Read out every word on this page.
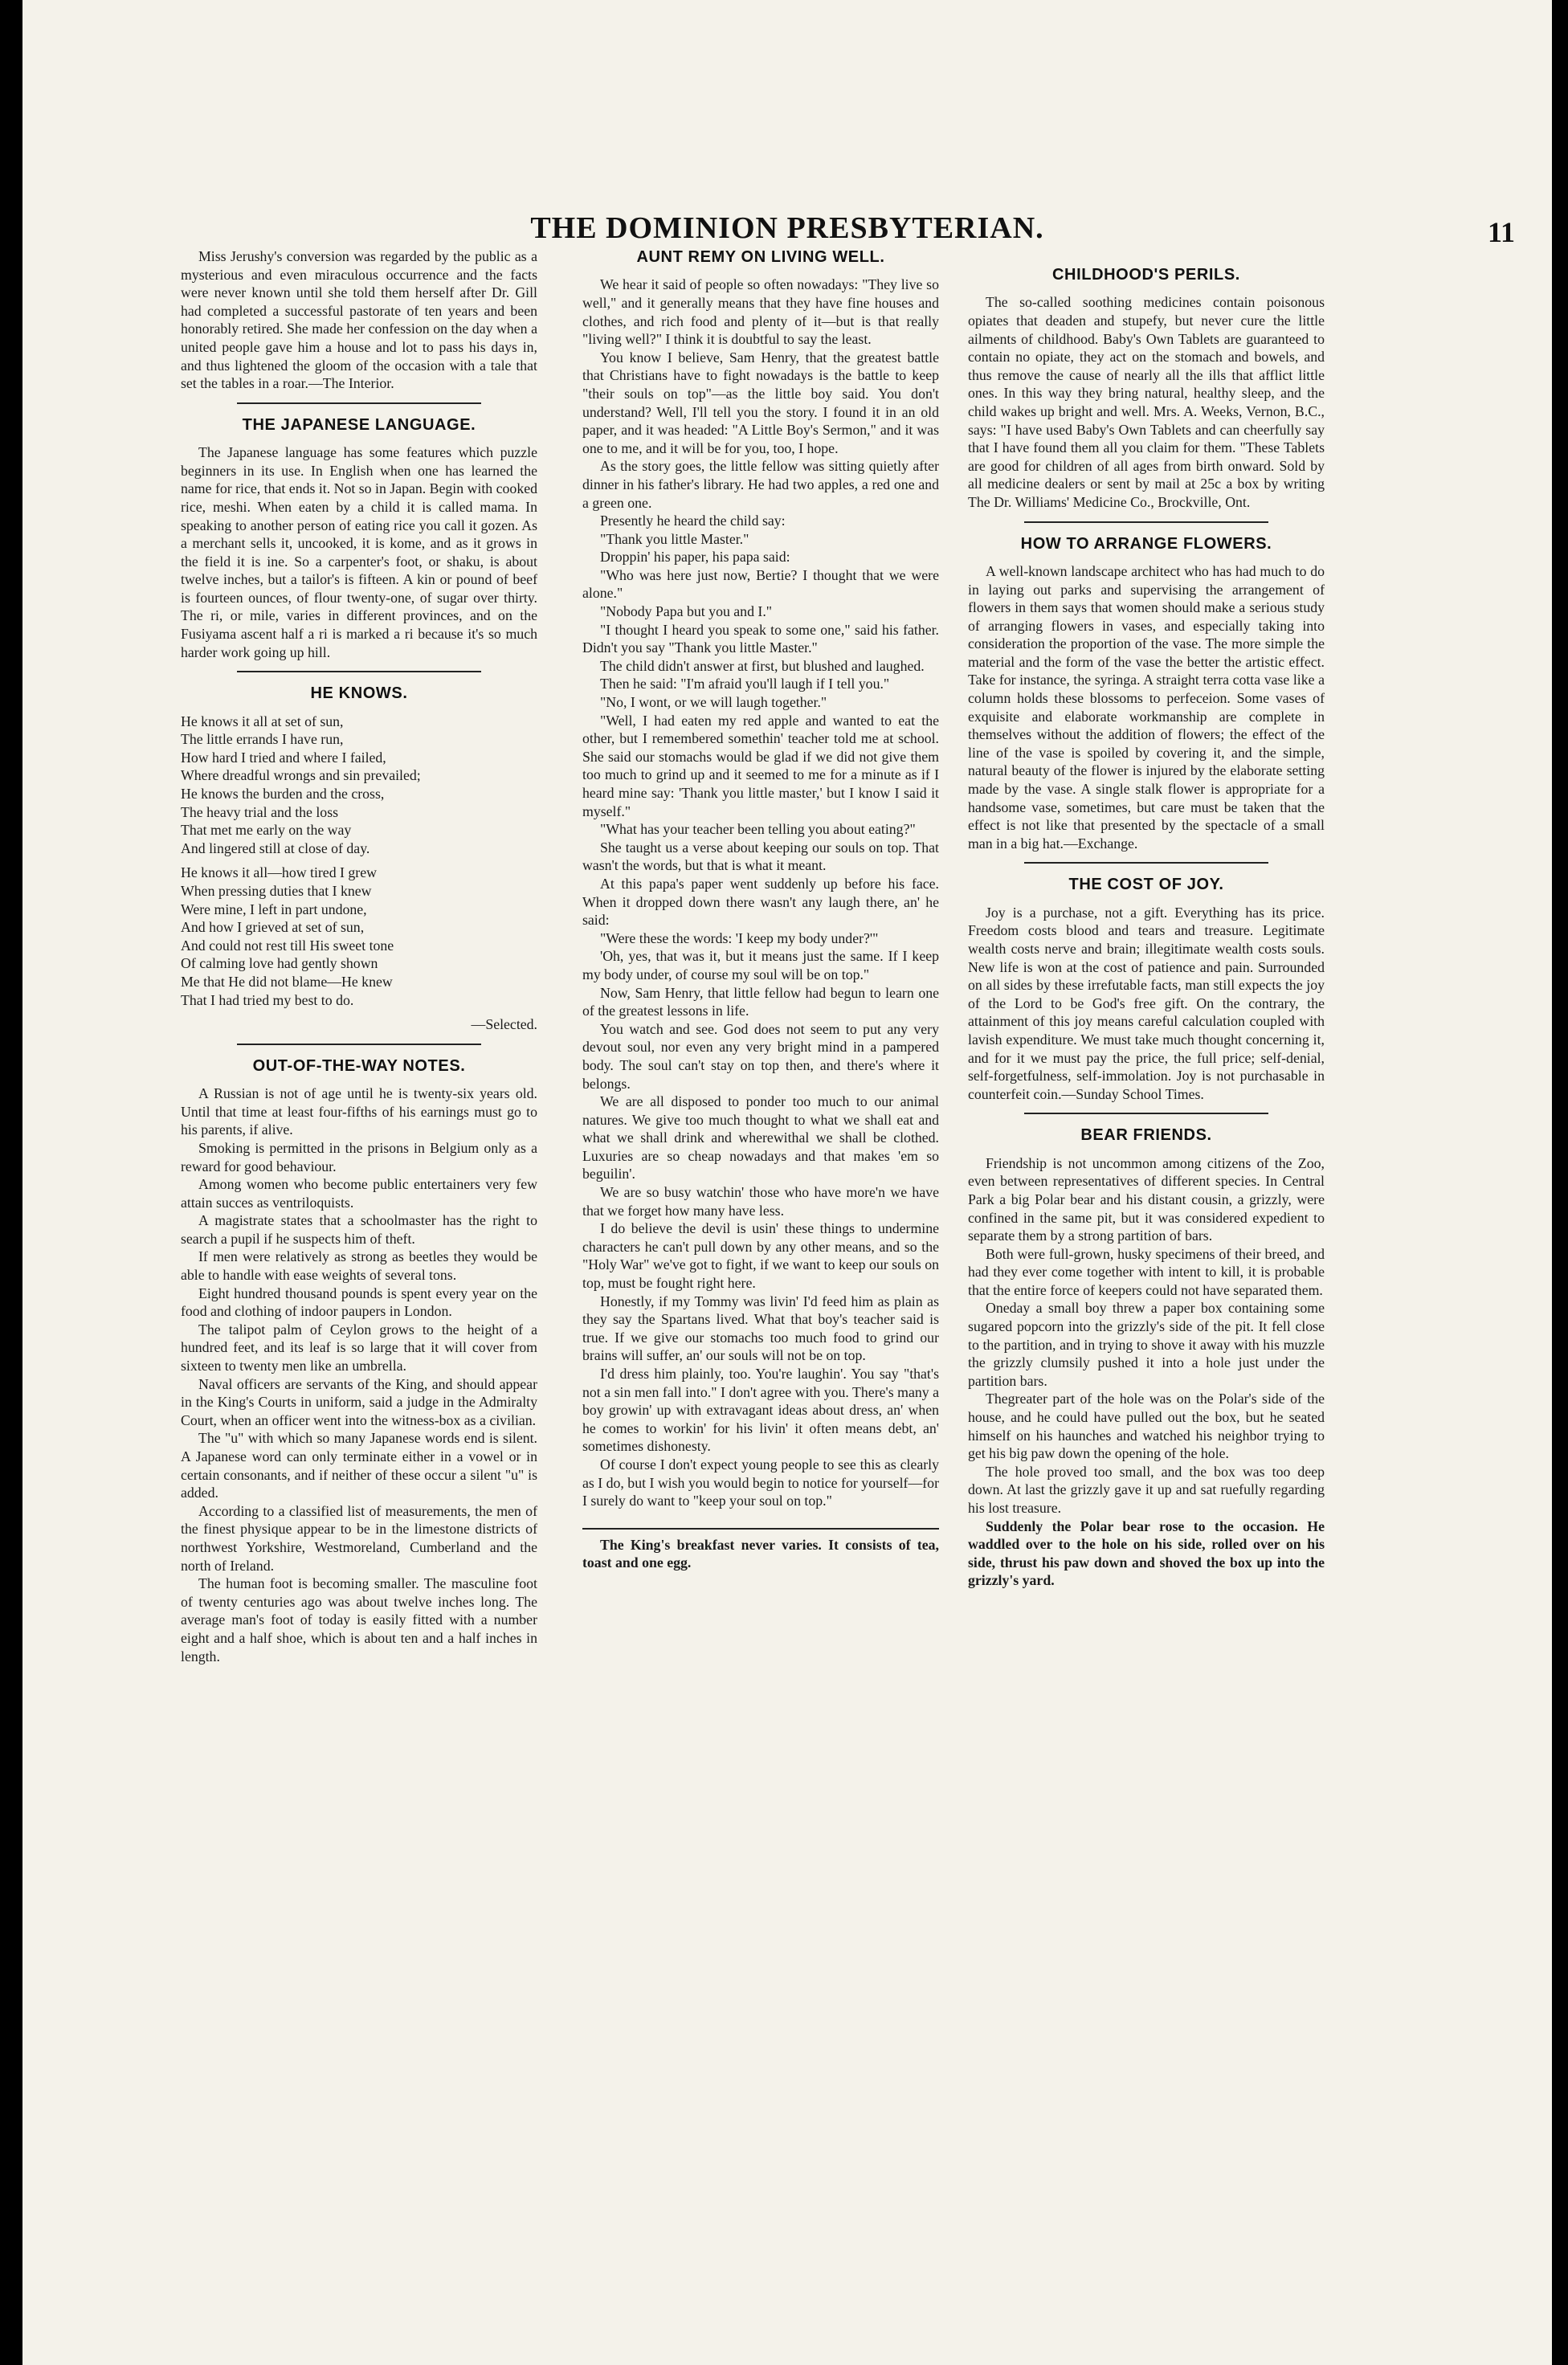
THE DOMINION PRESBYTERIAN.	11

Miss Jerushy's conversion was regarded by the public as a mysterious and even miraculous occurrence and the facts were never known until she told them herself after Dr. Gill had completed a successful pastorate of ten years and been honorably retired. She made her confession on the day when a united people gave him a house and lot to pass his days in, and thus lightened the gloom of the occasion with a tale that set the tables in a roar.—The Interior.

THE JAPANESE LANGUAGE.

The Japanese language has some features which puzzle beginners in its use. In English when one has learned the name for rice, that ends it. Not so in Japan. Begin with cooked rice, meshi. When eaten by a child it is called mama. In speaking to another person of eating rice you call it gozen. As a merchant sells it, uncooked, it is kome, and as it grows in the field it is ine. So a carpenter's foot, or shaku, is about twelve inches, but a tailor's is fifteen. A kin or pound of beef is fourteen ounces, of flour twenty-one, of sugar over thirty. The ri, or mile, varies in different provinces, and on the Fusiyama ascent half a ri is marked a ri because it's so much harder work going up hill.

HE KNOWS.
He knows it all at set of sun,
The little errands I have run,
How hard I tried and where I failed,
Where dreadful wrongs and sin prevailed;
He knows the burden and the cross,
The heavy trial and the loss
That met me early on the way
And lingered still at close of day.
He knows it all—how tired I grew
When pressing duties that I knew
Were mine, I left in part undone,
And how I grieved at set of sun,
And could not rest till His sweet tone
Of calming love had gently shown
Me that He did not blame—He knew
That I had tried my best to do.
—Selected.
OUT-OF-THE-WAY NOTES.

A Russian is not of age until he is twenty-six years old. Until that time at least four-fifths of his earnings must go to his parents, if alive.

Smoking is permitted in the prisons in Belgium only as a reward for good behaviour.

Among women who become public entertainers very few attain succes as ventriloquists.

A magistrate states that a schoolmaster has the right to search a pupil if he suspects him of theft.

If men were relatively as strong as beetles they would be able to handle with ease weights of several tons.

Eight hundred thousand pounds is spent every year on the food and clothing of indoor paupers in London.

The talipot palm of Ceylon grows to the height of a hundred feet, and its leaf is so large that it will cover from sixteen to twenty men like an umbrella.

Naval officers are servants of the King, and should appear in the King's Courts in uniform, said a judge in the Admiralty Court, when an officer went into the witness-box as a civilian.

The "u" with which so many Japanese words end is silent. A Japanese word can only terminate either in a vowel or in certain consonants, and if neither of these occur a silent "u" is added.

According to a classified list of measurements, the men of the finest physique appear to be in the limestone districts of northwest Yorkshire, Westmoreland, Cumberland and the north of Ireland.

The human foot is becoming smaller. The masculine foot of twenty centuries ago was about twelve inches long. The average man's foot of today is easily fitted with a number eight and a half shoe, which is about ten and a half inches in length.

AUNT REMY ON LIVING WELL.

We hear it said of people so often nowadays: "They live so well," and it generally means that they have fine houses and clothes, and rich food and plenty of it—but is that really "living well?" I think it is doubtful to say the least.

You know I believe, Sam Henry, that the greatest battle that Christians have to fight nowadays is the battle to keep "their souls on top"—as the little boy said. You don't understand? Well, I'll tell you the story. I found it in an old paper, and it was headed: "A Little Boy's Sermon," and it was one to me, and it will be for you, too, I hope.

As the story goes, the little fellow was sitting quietly after dinner in his father's library. He had two apples, a red one and a green one.

Presently he heard the child say:

"Thank you little Master."

Droppin' his paper, his papa said:

"Who was here just now, Bertie? I thought that we were alone."

"Nobody Papa but you and I."

"I thought I heard you speak to some one," said his father. Didn't you say "Thank you little Master."

The child didn't answer at first, but blushed and laughed.

Then he said: "I'm afraid you'll laugh if I tell you."

"No, I wont, or we will laugh together."

"Well, I had eaten my red apple and wanted to eat the other, but I remembered somethin' teacher told me at school. She said our stomachs would be glad if we did not give them too much to grind up and it seemed to me for a minute as if I heard mine say: 'Thank you little master,' but I know I said it myself."

"What has your teacher been telling you about eating?"

She taught us a verse about keeping our souls on top. That wasn't the words, but that is what it meant.

At this papa's paper went suddenly up before his face. When it dropped down there wasn't any laugh there, an' he said:

"Were these the words: 'I keep my body under?'"

'Oh, yes, that was it, but it means just the same. If I keep my body under, of course my soul will be on top."

Now, Sam Henry, that little fellow had begun to learn one of the greatest lessons in life.

You watch and see. God does not seem to put any very devout soul, nor even any very bright mind in a pampered body. The soul can't stay on top then, and there's where it belongs.

We are all disposed to ponder too much to our animal natures. We give too much thought to what we shall eat and what we shall drink and wherewithal we shall be clothed. Luxuries are so cheap nowadays and that makes 'em so beguilin'.

We are so busy watchin' those who have more'n we have that we forget how many have less.

I do believe the devil is usin' these things to undermine characters he can't pull down by any other means, and so the "Holy War" we've got to fight, if we want to keep our souls on top, must be fought right here.

Honestly, if my Tommy was livin' I'd feed him as plain as they say the Spartans lived. What that boy's teacher said is true. If we give our stomachs too much food to grind our brains will suffer, an' our souls will not be on top.

I'd dress him plainly, too. You're laughin'. You say "that's not a sin men fall into." I don't agree with you. There's many a boy growin' up with extravagant ideas about dress, an' when he comes to workin' for his livin' it often means debt, an' sometimes dishonesty.

Of course I don't expect young people to see this as clearly as I do, but I wish you would begin to notice for yourself—for I surely do want to "keep your soul on top."

The King's breakfast never varies. It consists of tea, toast and one egg.

CHILDHOOD'S PERILS.

The so-called soothing medicines contain poisonous opiates that deaden and stupefy, but never cure the little ailments of childhood. Baby's Own Tablets are guaranteed to contain no opiate, they act on the stomach and bowels, and thus remove the cause of nearly all the ills that afflict little ones. In this way they bring natural, healthy sleep, and the child wakes up bright and well. Mrs. A. Weeks, Vernon, B.C., says: "I have used Baby's Own Tablets and can cheerfully say that I have found them all you claim for them. "These Tablets are good for children of all ages from birth onward. Sold by all medicine dealers or sent by mail at 25c a box by writing The Dr. Williams' Medicine Co., Brockville, Ont.

HOW TO ARRANGE FLOWERS.

A well-known landscape architect who has had much to do in laying out parks and supervising the arrangement of flowers in them says that women should make a serious study of arranging flowers in vases, and especially taking into consideration the proportion of the vase. The more simple the material and the form of the vase the better the artistic effect. Take for instance, the syringa. A straight terra cotta vase like a column holds these blossoms to perfeceion. Some vases of exquisite and elaborate workmanship are complete in themselves without the addition of flowers; the effect of the line of the vase is spoiled by covering it, and the simple, natural beauty of the flower is injured by the elaborate setting made by the vase. A single stalk flower is appropriate for a handsome vase, sometimes, but care must be taken that the effect is not like that presented by the spectacle of a small man in a big hat.—Exchange.

THE COST OF JOY.

Joy is a purchase, not a gift. Everything has its price. Freedom costs blood and tears and treasure. Legitimate wealth costs nerve and brain; illegitimate wealth costs souls. New life is won at the cost of patience and pain. Surrounded on all sides by these irrefutable facts, man still expects the joy of the Lord to be God's free gift. On the contrary, the attainment of this joy means careful calculation coupled with lavish expenditure. We must take much thought concerning it, and for it we must pay the price, the full price; self-denial, self-forgetfulness, self-immolation. Joy is not purchasable in counterfeit coin.—Sunday School Times.

BEAR FRIENDS.

Friendship is not uncommon among citizens of the Zoo, even between representatives of different species. In Central Park a big Polar bear and his distant cousin, a grizzly, were confined in the same pit, but it was considered expedient to separate them by a strong partition of bars.

Both were full-grown, husky specimens of their breed, and had they ever come together with intent to kill, it is probable that the entire force of keepers could not have separated them.

Oneday a small boy threw a paper box containing some sugared popcorn into the grizzly's side of the pit. It fell close to the partition, and in trying to shove it away with his muzzle the grizzly clumsily pushed it into a hole just under the partition bars.

Thegreater part of the hole was on the Polar's side of the house, and he could have pulled out the box, but he seated himself on his haunches and watched his neighbor trying to get his big paw down the opening of the hole.

The hole proved too small, and the box was too deep down. At last the grizzly gave it up and sat ruefully regarding his lost treasure.

Suddenly the Polar bear rose to the occasion. He waddled over to the hole on his side, rolled over on his side, thrust his paw down and shoved the box up into the grizzly's yard.
